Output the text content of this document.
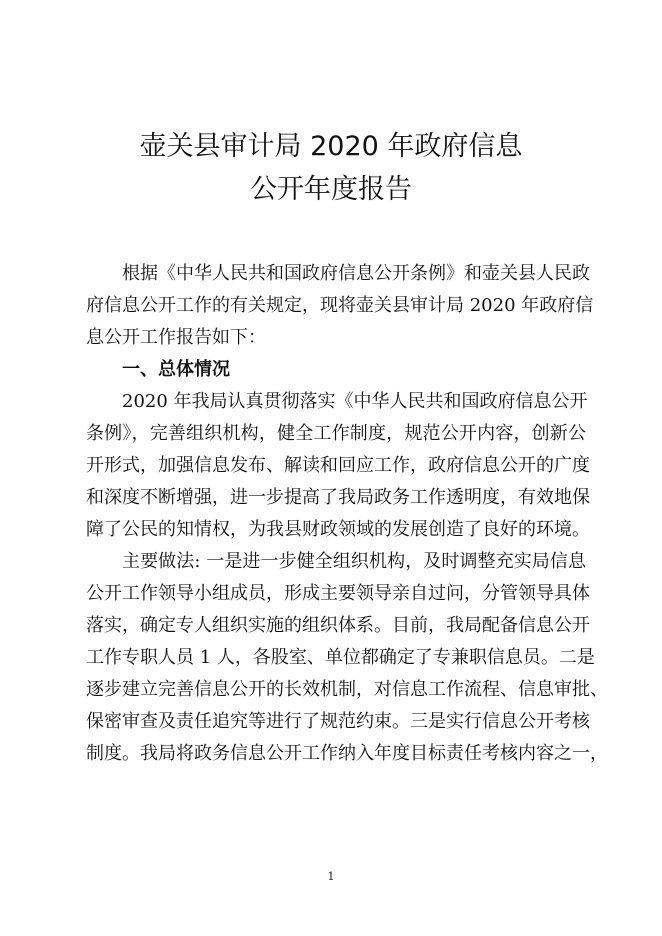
壶关县审计局 2020 年政府信息
公开年度报告
根据《中华人民共和国政府信息公开条例》和壶关县人民政
府信息公开工作的有关规定，现将壶关县审计局 2020 年政府信
息公开工作报告如下：
一、总体情况
2020 年我局认真贯彻落实《中华人民共和国政府信息公开
条例》，完善组织机构，健全工作制度，规范公开内容，创新公
开形式，加强信息发布、解读和回应工作，政府信息公开的广度
和深度不断增强，进一步提高了我局政务工作透明度，有效地保
障了公民的知情权，为我县财政领域的发展创造了良好的环境。
主要做法: 一是进一步健全组织机构，及时调整充实局信息
公开工作领导小组成员，形成主要领导亲自过问，分管领导具体
落实，确定专人组织实施的组织体系。目前，我局配备信息公开
工作专职人员 1 人，各股室、单位都确定了专兼职信息员。二是
逐步建立完善信息公开的长效机制，对信息工作流程、信息审批、
保密审查及责任追究等进行了规范约束。三是实行信息公开考核
制度。我局将政务信息公开工作纳入年度目标责任考核内容之一，
1
